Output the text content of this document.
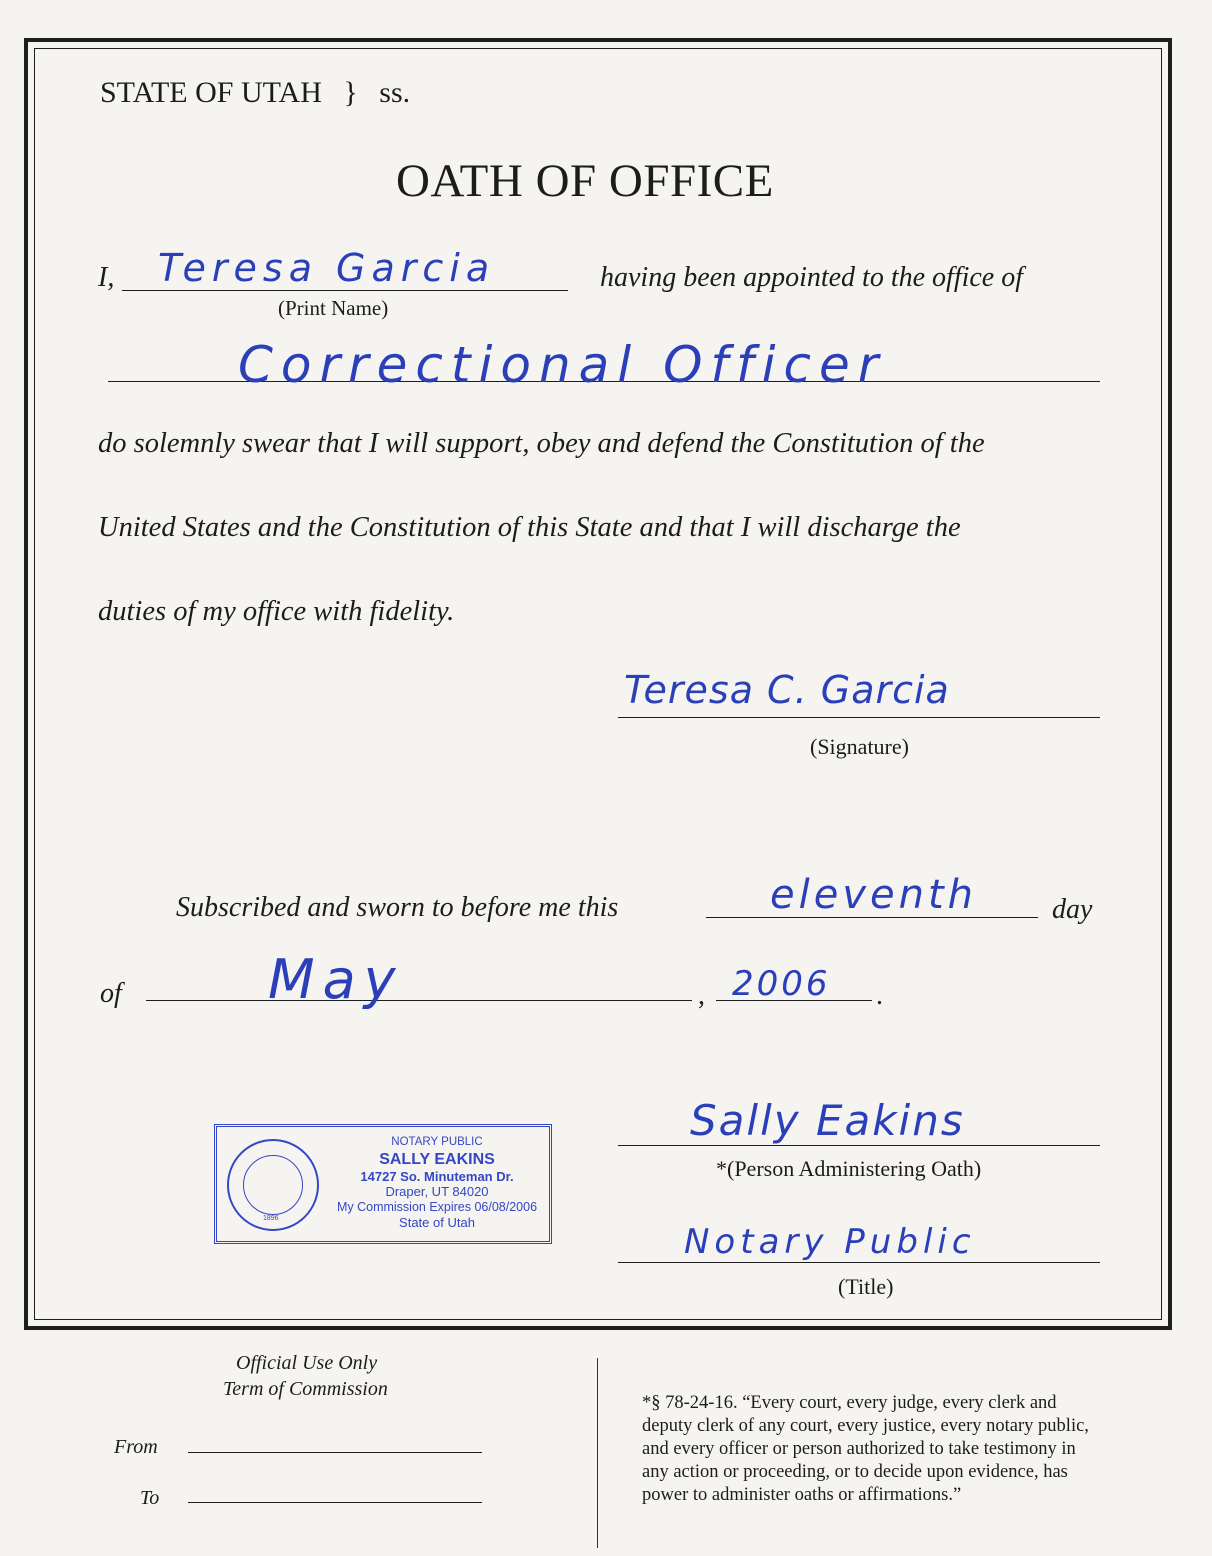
STATE OF UTAH } ss.
OATH OF OFFICE
I, Teresa Garcia
(Print Name)
having been appointed to the office of
Correctional Officer
do solemnly swear that I will support, obey and defend the Constitution of the
United States and the Constitution of this State and that I will discharge the
duties of my office with fidelity.
Teresa C. Garcia
(Signature)
Subscribed and sworn to before me this	eleventh	day
of	May	, 2006 .
Sally Eakins
*(Person Administering Oath)
Notary Public
(Title)
1896
NOTARY PUBLIC
SALLY EAKINS
14727 So. Minuteman Dr.
Draper, UT 84020
My Commission Expires 06/08/2006
State of Utah
Official Use Only
Term of Commission
From
To
*§ 78-24-16. “Every court, every judge, every clerk and
deputy clerk of any court, every justice, every notary public,
and every officer or person authorized to take testimony in
any action or proceeding, or to decide upon evidence, has
power to administer oaths or affirmations.”
